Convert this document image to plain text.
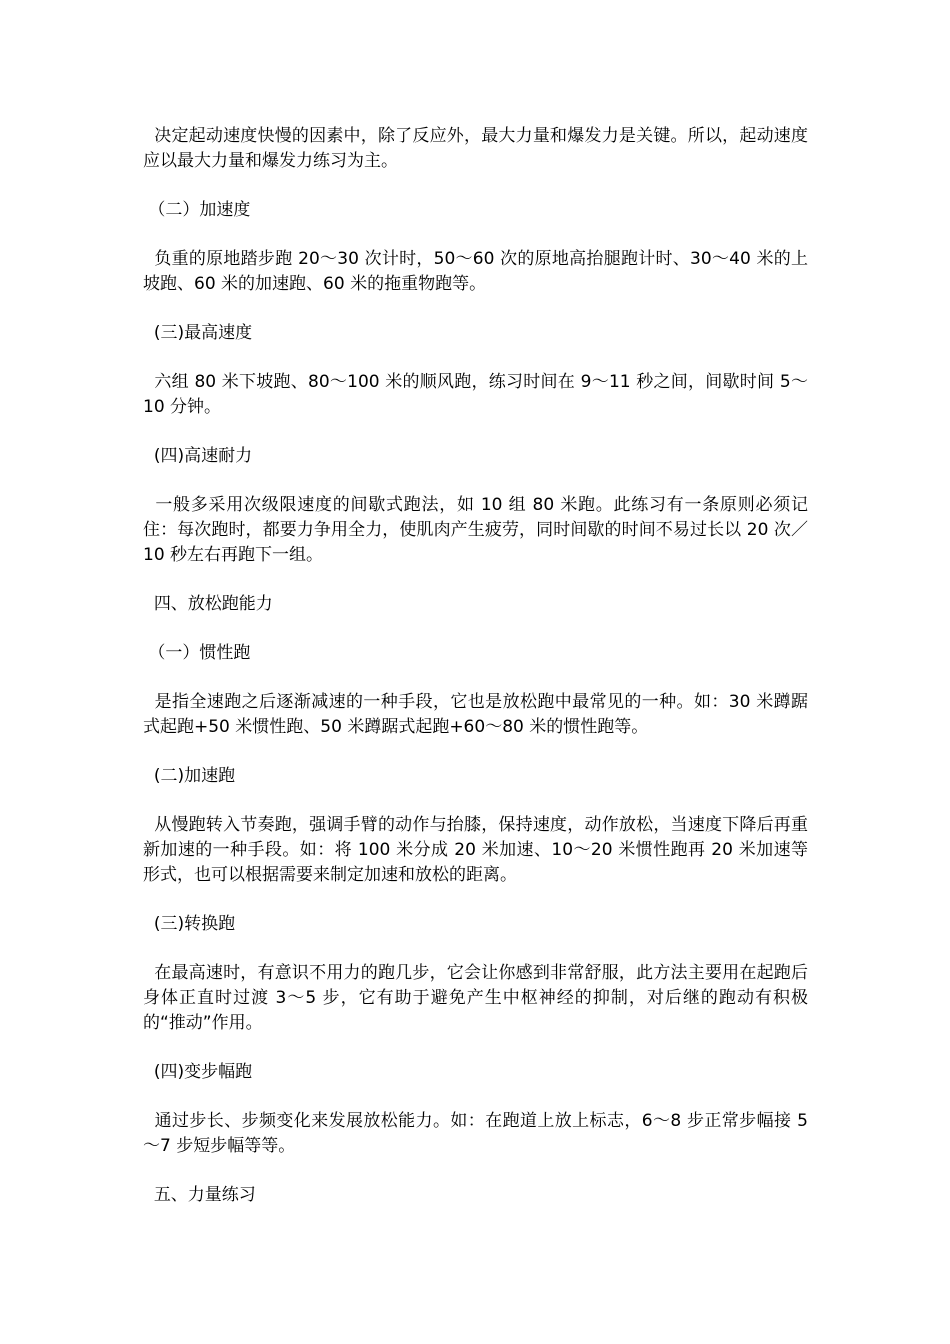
决定起动速度快慢的因素中，除了反应外，最大力量和爆发力是关键。所以，起动速度应以最大力量和爆发力练习为主。

（二）加速度

负重的原地踏步跑 20～30 次计时，50～60 次的原地高抬腿跑计时、30～40 米的上坡跑、60 米的加速跑、60 米的拖重物跑等。

(三)最高速度

六组 80 米下坡跑、80～100 米的顺风跑，练习时间在 9～11 秒之间，间歇时间 5～10 分钟。

(四)高速耐力

一般多采用次级限速度的间歇式跑法，如 10 组 80 米跑。此练习有一条原则必须记住：每次跑时，都要力争用全力，使肌肉产生疲劳，同时间歇的时间不易过长以 20 次／10 秒左右再跑下一组。

四、放松跑能力

（一）惯性跑

是指全速跑之后逐渐减速的一种手段，它也是放松跑中最常见的一种。如：30 米蹲踞式起跑+50 米惯性跑、50 米蹲踞式起跑+60～80 米的惯性跑等。

(二)加速跑

从慢跑转入节奏跑，强调手臂的动作与抬膝，保持速度，动作放松，当速度下降后再重新加速的一种手段。如：将 100 米分成 20 米加速、10～20 米惯性跑再 20 米加速等形式，也可以根据需要来制定加速和放松的距离。

(三)转换跑

在最高速时，有意识不用力的跑几步，它会让你感到非常舒服，此方法主要用在起跑后身体正直时过渡 3～5 步，它有助于避免产生中枢神经的抑制，对后继的跑动有积极的“推动”作用。

(四)变步幅跑

通过步长、步频变化来发展放松能力。如：在跑道上放上标志，6～8 步正常步幅接 5～7 步短步幅等等。

五、力量练习
